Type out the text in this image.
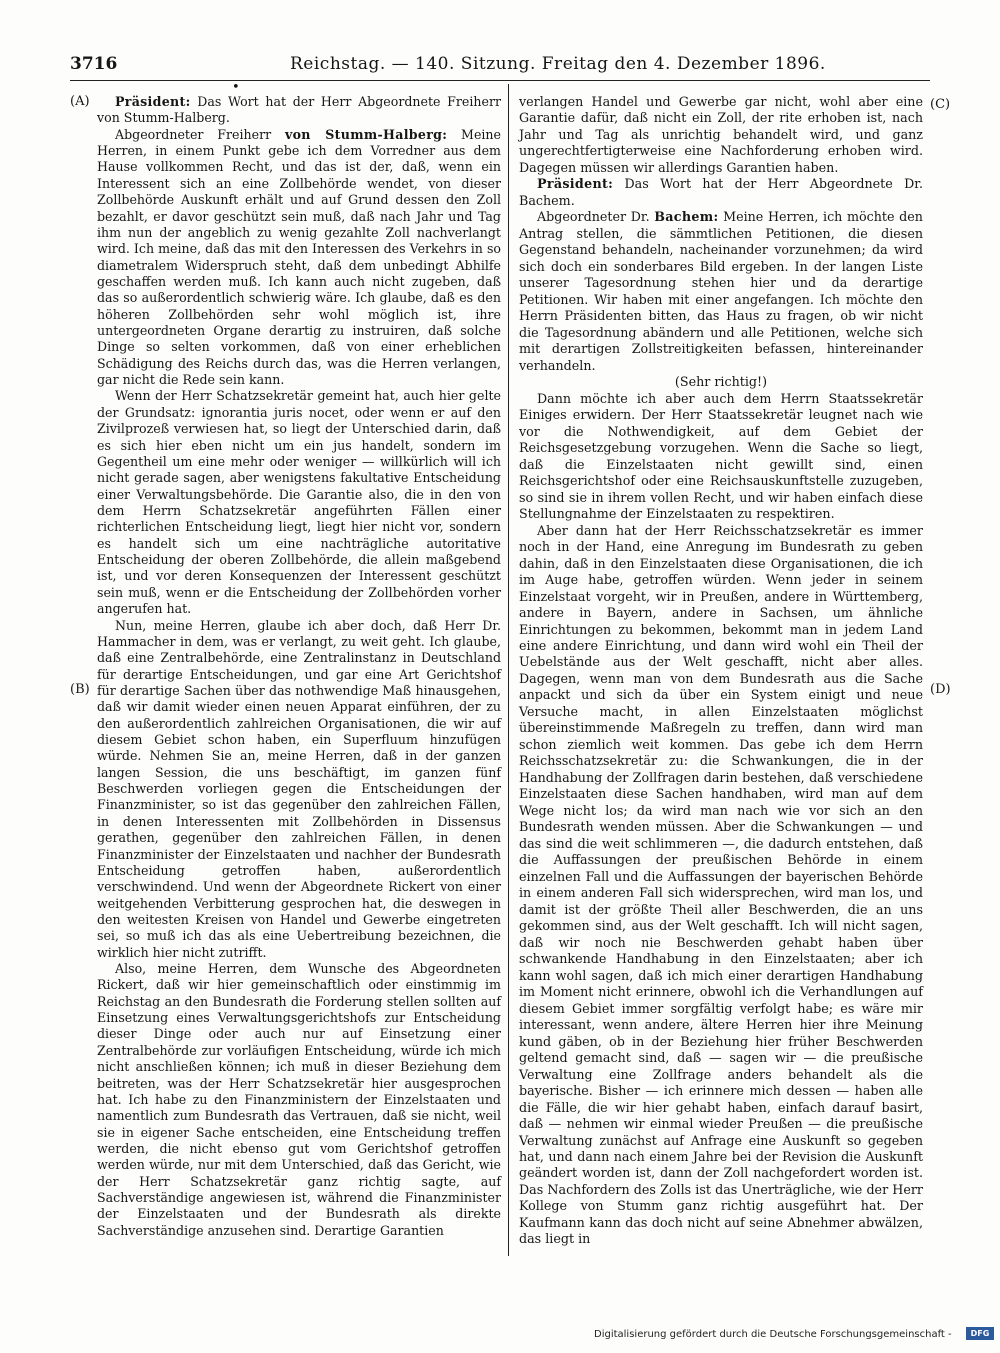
3716	Reichstag. — 140. Sitzung. Freitag den 4. Dezember 1896.
•
(A)
(B)
(C)
(D)

Präsident: Das Wort hat der Herr Abgeordnete Freiherr von Stumm-Halberg.

Abgeordneter Freiherr von Stumm-Halberg: Meine Herren, in einem Punkt gebe ich dem Vorredner aus dem Hause vollkommen Recht, und das ist der, daß, wenn ein Interessent sich an eine Zollbehörde wendet, von dieser Zollbehörde Auskunft erhält und auf Grund dessen den Zoll bezahlt, er davor geschützt sein muß, daß nach Jahr und Tag ihm nun der angeblich zu wenig gezahlte Zoll nachverlangt wird. Ich meine, daß das mit den Interessen des Verkehrs in so diametralem Widerspruch steht, daß dem unbedingt Abhilfe geschaffen werden muß. Ich kann auch nicht zugeben, daß das so außerordentlich schwierig wäre. Ich glaube, daß es den höheren Zollbehörden sehr wohl möglich ist, ihre untergeordneten Organe derartig zu instruiren, daß solche Dinge so selten vorkommen, daß von einer erheblichen Schädigung des Reichs durch das, was die Herren verlangen, gar nicht die Rede sein kann.

Wenn der Herr Schatzsekretär gemeint hat, auch hier gelte der Grundsatz: ignorantia juris nocet, oder wenn er auf den Zivilprozeß verwiesen hat, so liegt der Unterschied darin, daß es sich hier eben nicht um ein jus handelt, sondern im Gegentheil um eine mehr oder weniger — willkürlich will ich nicht gerade sagen, aber wenigstens fakultative Entscheidung einer Verwaltungsbehörde. Die Garantie also, die in den von dem Herrn Schatzsekretär angeführten Fällen einer richterlichen Entscheidung liegt, liegt hier nicht vor, sondern es handelt sich um eine nachträgliche autoritative Entscheidung der oberen Zollbehörde, die allein maßgebend ist, und vor deren Konsequenzen der Interessent geschützt sein muß, wenn er die Entscheidung der Zollbehörden vorher angerufen hat.

Nun, meine Herren, glaube ich aber doch, daß Herr Dr. Hammacher in dem, was er verlangt, zu weit geht. Ich glaube, daß eine Zentralbehörde, eine Zentralinstanz in Deutschland für derartige Entscheidungen, und gar eine Art Gerichtshof für derartige Sachen über das nothwendige Maß hinausgehen, daß wir damit wieder einen neuen Apparat einführen, der zu den außerordentlich zahlreichen Organisationen, die wir auf diesem Gebiet schon haben, ein Superfluum hinzufügen würde. Nehmen Sie an, meine Herren, daß in der ganzen langen Session, die uns beschäftigt, im ganzen fünf Beschwerden vorliegen gegen die Entscheidungen der Finanzminister, so ist das gegenüber den zahlreichen Fällen, in denen Interessenten mit Zollbehörden in Dissensus gerathen, gegenüber den zahlreichen Fällen, in denen Finanzminister der Einzelstaaten und nachher der Bundesrath Entscheidung getroffen haben, außerordentlich verschwindend. Und wenn der Abgeordnete Rickert von einer weitgehenden Verbitterung gesprochen hat, die deswegen in den weitesten Kreisen von Handel und Gewerbe eingetreten sei, so muß ich das als eine Uebertreibung bezeichnen, die wirklich hier nicht zutrifft.

Also, meine Herren, dem Wunsche des Abgeordneten Rickert, daß wir hier gemeinschaftlich oder einstimmig im Reichstag an den Bundesrath die Forderung stellen sollten auf Einsetzung eines Verwaltungsgerichtshofs zur Entscheidung dieser Dinge oder auch nur auf Einsetzung einer Zentralbehörde zur vorläufigen Entscheidung, würde ich mich nicht anschließen können; ich muß in dieser Beziehung dem beitreten, was der Herr Schatzsekretär hier ausgesprochen hat. Ich habe zu den Finanzministern der Einzelstaaten und namentlich zum Bundesrath das Vertrauen, daß sie nicht, weil sie in eigener Sache entscheiden, eine Entscheidung treffen werden, die nicht ebenso gut vom Gerichtshof getroffen werden würde, nur mit dem Unterschied, daß das Gericht, wie der Herr Schatzsekretär ganz richtig sagte, auf Sachverständige angewiesen ist, während die Finanzminister der Einzelstaaten und der Bundesrath als direkte Sachverständige anzusehen sind. Derartige Garantien

verlangen Handel und Gewerbe gar nicht, wohl aber eine Garantie dafür, daß nicht ein Zoll, der rite erhoben ist, nach Jahr und Tag als unrichtig behandelt wird, und ganz ungerechtfertigterweise eine Nachforderung erhoben wird. Dagegen müssen wir allerdings Garantien haben.

Präsident: Das Wort hat der Herr Abgeordnete Dr. Bachem.

Abgeordneter Dr. Bachem: Meine Herren, ich möchte den Antrag stellen, die sämmtlichen Petitionen, die diesen Gegenstand behandeln, nacheinander vorzunehmen; da wird sich doch ein sonderbares Bild ergeben. In der langen Liste unserer Tagesordnung stehen hier und da derartige Petitionen. Wir haben mit einer angefangen. Ich möchte den Herrn Präsidenten bitten, das Haus zu fragen, ob wir nicht die Tagesordnung abändern und alle Petitionen, welche sich mit derartigen Zollstreitigkeiten befassen, hintereinander verhandeln.

(Sehr richtig!)

Dann möchte ich aber auch dem Herrn Staatssekretär Einiges erwidern. Der Herr Staatssekretär leugnet nach wie vor die Nothwendigkeit, auf dem Gebiet der Reichsgesetzgebung vorzugehen. Wenn die Sache so liegt, daß die Einzelstaaten nicht gewillt sind, einen Reichsgerichtshof oder eine Reichsauskunftstelle zuzugeben, so sind sie in ihrem vollen Recht, und wir haben einfach diese Stellungnahme der Einzelstaaten zu respektiren.

Aber dann hat der Herr Reichsschatzsekretär es immer noch in der Hand, eine Anregung im Bundesrath zu geben dahin, daß in den Einzelstaaten diese Organisationen, die ich im Auge habe, getroffen würden. Wenn jeder in seinem Einzelstaat vorgeht, wir in Preußen, andere in Württemberg, andere in Bayern, andere in Sachsen, um ähnliche Einrichtungen zu bekommen, bekommt man in jedem Land eine andere Einrichtung, und dann wird wohl ein Theil der Uebelstände aus der Welt geschafft, nicht aber alles. Dagegen, wenn man von dem Bundesrath aus die Sache anpackt und sich da über ein System einigt und neue Versuche macht, in allen Einzelstaaten möglichst übereinstimmende Maßregeln zu treffen, dann wird man schon ziemlich weit kommen. Das gebe ich dem Herrn Reichsschatzsekretär zu: die Schwankungen, die in der Handhabung der Zollfragen darin bestehen, daß verschiedene Einzelstaaten diese Sachen handhaben, wird man auf dem Wege nicht los; da wird man nach wie vor sich an den Bundesrath wenden müssen. Aber die Schwankungen — und das sind die weit schlimmeren —, die dadurch entstehen, daß die Auffassungen der preußischen Behörde in einem einzelnen Fall und die Auffassungen der bayerischen Behörde in einem anderen Fall sich widersprechen, wird man los, und damit ist der größte Theil aller Beschwerden, die an uns gekommen sind, aus der Welt geschafft. Ich will nicht sagen, daß wir noch nie Beschwerden gehabt haben über schwankende Handhabung in den Einzelstaaten; aber ich kann wohl sagen, daß ich mich einer derartigen Handhabung im Moment nicht erinnere, obwohl ich die Verhandlungen auf diesem Gebiet immer sorgfältig verfolgt habe; es wäre mir interessant, wenn andere, ältere Herren hier ihre Meinung kund gäben, ob in der Beziehung hier früher Beschwerden geltend gemacht sind, daß — sagen wir — die preußische Verwaltung eine Zollfrage anders behandelt als die bayerische. Bisher — ich erinnere mich dessen — haben alle die Fälle, die wir hier gehabt haben, einfach darauf basirt, daß — nehmen wir einmal wieder Preußen — die preußische Verwaltung zunächst auf Anfrage eine Auskunft so gegeben hat, und dann nach einem Jahre bei der Revision die Auskunft geändert worden ist, dann der Zoll nachgefordert worden ist. Das Nachfordern des Zolls ist das Unerträgliche, wie der Herr Kollege von Stumm ganz richtig ausgeführt hat. Der Kaufmann kann das doch nicht auf seine Abnehmer abwälzen, das liegt in

Digitalisierung gefördert durch die Deutsche Forschungsgemeinschaft -	DFG
